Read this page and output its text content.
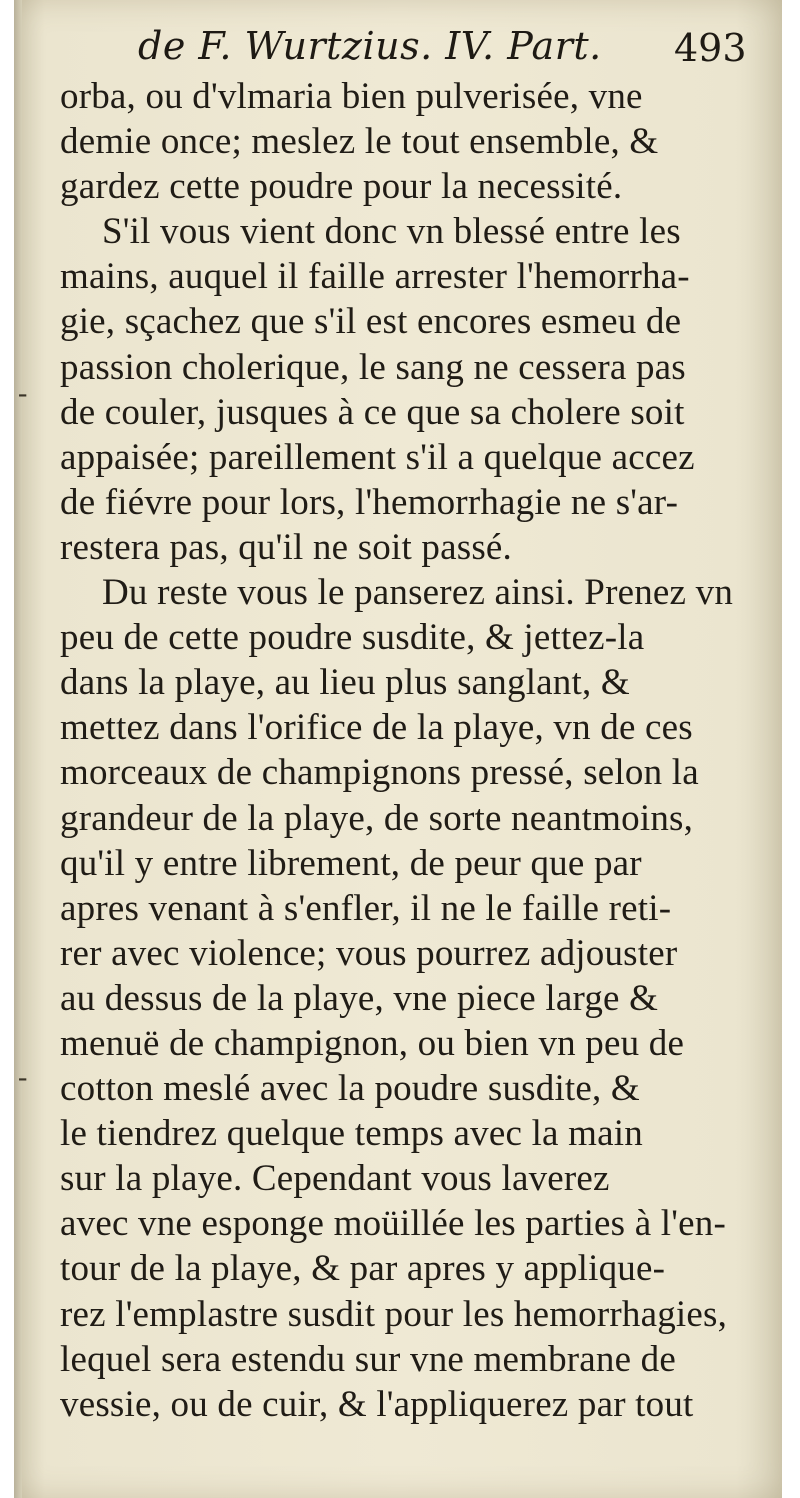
de F. Wurtzius. IV. Part. 493
-
-
orba, ou d'vlmaria bien pulverisée, vne
demie once; meslez le tout ensemble, &
gardez cette poudre pour la necessité.
S'il vous vient donc vn blessé entre les
mains, auquel il faille arrester l'hemorrha-
gie, sçachez que s'il est encores esmeu de
passion cholerique, le sang ne cessera pas
de couler, jusques à ce que sa cholere soit
appaisée; pareillement s'il a quelque accez
de fiévre pour lors, l'hemorrhagie ne s'ar-
restera pas, qu'il ne soit passé.
Du reste vous le panserez ainsi. Prenez vn
peu de cette poudre susdite, & jettez-la
dans la playe, au lieu plus sanglant, &
mettez dans l'orifice de la playe, vn de ces
morceaux de champignons pressé, selon la
grandeur de la playe, de sorte neantmoins,
qu'il y entre librement, de peur que par
apres venant à s'enfler, il ne le faille reti-
rer avec violence; vous pourrez adjouster
au dessus de la playe, vne piece large &
menuë de champignon, ou bien vn peu de
cotton meslé avec la poudre susdite, &
le tiendrez quelque temps avec la main
sur la playe. Cependant vous laverez
avec vne esponge moüillée les parties à l'en-
tour de la playe, & par apres y applique-
rez l'emplastre susdit pour les hemorrhagies,
lequel sera estendu sur vne membrane de
vessie, ou de cuir, & l'appliquerez par tout
